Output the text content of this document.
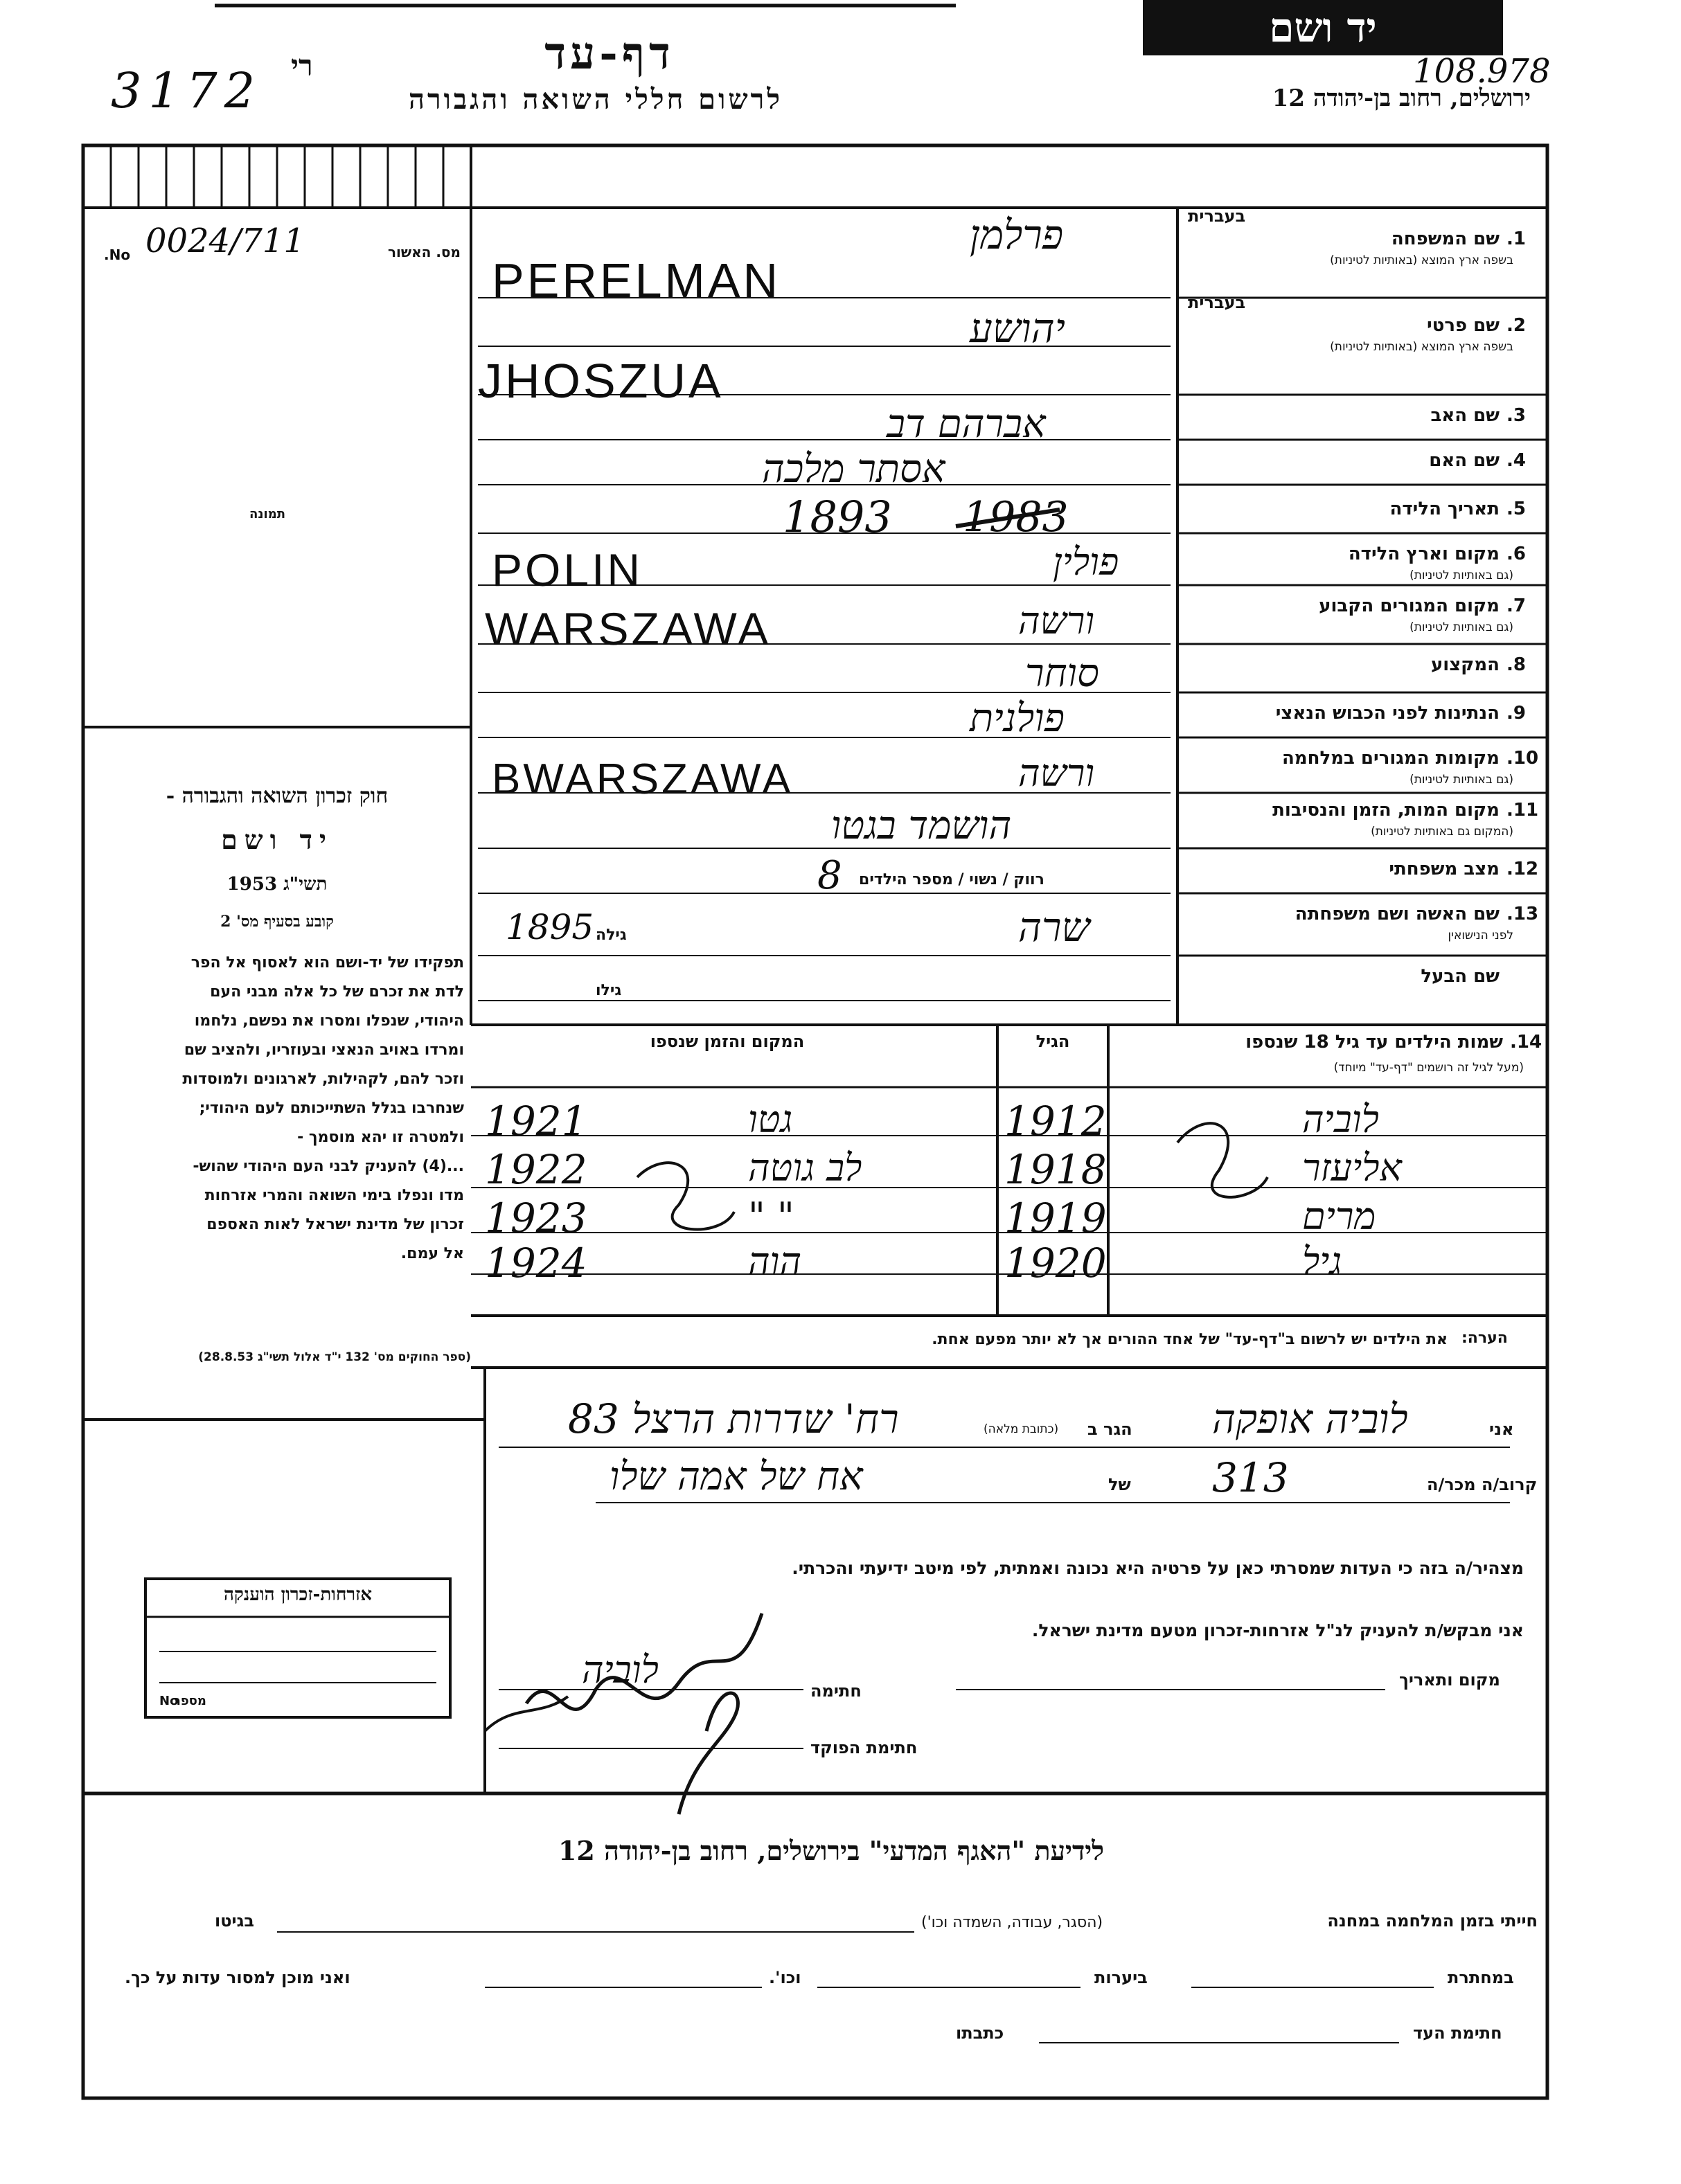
יד ושם
108.978
3172 רי	דף-עד
לרשום חללי השואה והגבורה	ירושלים, רחוב בן-יהודה 12
מס. האשור
0024/711
No.
תמונה
חוק זכרון השואה והגבורה -
יד ושם
תשי"ג 1953
קובע בסעיף מס' 2
תפקידו של יד-ושם הוא לאסוף אל הפר
לדת את זכרם של כל אלה מבני העם
היהודי, שנפלו ומסרו את נפשם, נלחמו
ומרדו באויב הנאצי ובעוזריו, ולהציב שם
וזכר להם, לקהילות, לארגונים ולמוסדות
שנחרבו בגלל השתייכותם לעם היהודי;
ולמטרה זו יהא מוסמך -
...(4) להעניק לבני העם היהודי שהוש-
מדו ונפלו בימי השואה והמרי אזרחות
זכרון של מדינת ישראל לאות האספם
אל עמם.
(ספר החוקים מס' 132 י"ד אלול תשי"ג 28.8.53)
אזרחות-זכרון הוענקה
מספר
No
1.
שם המשפחה
בעברית
בשפה ארץ המוצא (באותיות לטיניות)
2.
שם פרטי
בעברית
בשפה ארץ המוצא (באותיות לטיניות)
3.
שם האב
4.
שם האם
5.
תאריך הלידה
6.
מקום וארץ הלידה
(גם באותיות לטיניות)
7.
מקום המגורים הקבוע
(גם באותיות לטיניות)
8.
המקצוע
9.
הנתינות לפני הכבוש הנאצי
10.
מקומות המגורים במלחמה
(גם באותיות לטיניות)
11.
מקום המות, הזמן והנסיבות
(המקום גם באותיות לטיניות)
12.
מצב משפחתי
13.
שם האשה ושם משפחתה
לפני הנישואין
שם הבעל
פרלמן
PERELMAN
יהושע
JHOSZUA
אברהם דב
אסתר מלכה
1893 1983
פולין
POLIN
ורשה
WARSZAWA
סוחר
פולנית
ורשה
BWARSZAWA
הושמד בגטו
רווק / נשוי / מספר הילדים
8
שרה
גילה
1895
גילו
14.
שמות הילדים עד גיל 18 שנספו
(מעל לגיל זה רושמים "דף-עד" מיוחד)
הגיל
המקום והזמן שנספו
לוביה
1912
גטו
1921
אליעזר
1918
לב גוטה
1922
מרים
1919
" "
1923
גיל
1920
הוה
1924
הערה:
את הילדים יש לרשום ב"דף-עד" של אחד ההורים אך לא יותר מפעם אחת.
אני
לוביה אופקה
הגר ב
(כתובת מלאה)
רח' שדרות הרצל 83
קרוב/ה מכר/ה
313
של
אח של אמה שלו
מצהיר/ה בזה כי העדות שמסרתי כאן על פרטיה היא נכונה ואמתית, לפי מיטב ידיעתי והכרתי.
אני מבקש/ת להעניק לנ"ל אזרחות-זכרון מטעם מדינת ישראל.
מקום ותאריך
חתימה
לוביה
חתימת הפוקד
לידיעת "האגף המדעי" בירושלים, רחוב בן-יהודה 12
חייתי בזמן המלחמה במחנה
(הסגר, עבודה, השמדה וכו')
בגיטו
במחתרת
ביערות
וכו'.
ואני מוכן למסור עדות על כך.
חתימת העד
כתבתו
